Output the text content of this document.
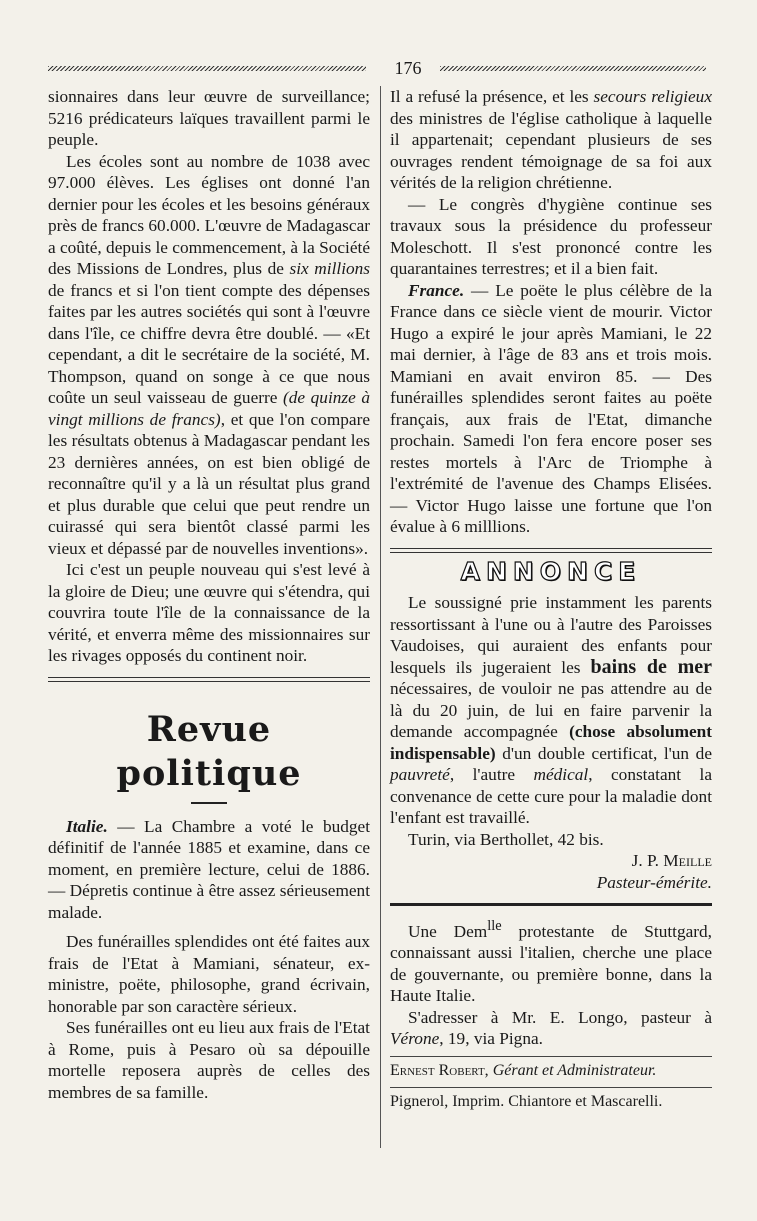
176

sionnaires dans leur œuvre de surveillance; 5216 prédicateurs laïques travaillent parmi le peuple.

Les écoles sont au nombre de 1038 avec 97.000 élèves. Les églises ont donné l'an dernier pour les écoles et les besoins généraux près de francs 60.000. L'œuvre de Madagascar a coûté, depuis le commencement, à la Société des Missions de Londres, plus de six millions de francs et si l'on tient compte des dépenses faites par les autres sociétés qui sont à l'œuvre dans l'île, ce chiffre devra être doublé. — «Et cependant, a dit le secrétaire de la société, M. Thompson, quand on songe à ce que nous coûte un seul vaisseau de guerre (de quinze à vingt millions de francs), et que l'on compare les résultats obtenus à Madagascar pendant les 23 dernières années, on est bien obligé de reconnaître qu'il y a là un résultat plus grand et plus durable que celui que peut rendre un cuirassé qui sera bientôt classé parmi les vieux et dépassé par de nouvelles inventions».

Ici c'est un peuple nouveau qui s'est levé à la gloire de Dieu; une œuvre qui s'étendra, qui couvrira toute l'île de la connaissance de la vérité, et enverra même des missionnaires sur les rivages opposés du continent noir.

Revue politique

Italie. — La Chambre a voté le budget définitif de l'année 1885 et examine, dans ce moment, en première lecture, celui de 1886. — Dépretis continue à être assez sérieusement malade.

Des funérailles splendides ont été faites aux frais de l'Etat à Mamiani, sénateur, ex-ministre, poëte, philosophe, grand écrivain, honorable par son caractère sérieux.

Ses funérailles ont eu lieu aux frais de l'Etat à Rome, puis à Pesaro où sa dépouille mortelle reposera auprès de celles des membres de sa famille.

Il a refusé la présence, et les secours religieux des ministres de l'église catholique à laquelle il appartenait; cependant plusieurs de ses ouvrages rendent témoignage de sa foi aux vérités de la religion chrétienne.

— Le congrès d'hygiène continue ses travaux sous la présidence du professeur Moleschott. Il s'est prononcé contre les quarantaines terrestres; et il a bien fait.

France. — Le poëte le plus célèbre de la France dans ce siècle vient de mourir. Victor Hugo a expiré le jour après Mamiani, le 22 mai dernier, à l'âge de 83 ans et trois mois. Mamiani en avait environ 85. — Des funérailles splendides seront faites au poëte français, aux frais de l'Etat, dimanche prochain. Samedi l'on fera encore poser ses restes mortels à l'Arc de Triomphe à l'extrémité de l'avenue des Champs Elisées. — Victor Hugo laisse une fortune que l'on évalue à 6 milllions.

ANNONCE

Le soussigné prie instamment les parents ressortissant à l'une ou à l'autre des Paroisses Vaudoises, qui auraient des enfants pour lesquels ils jugeraient les bains de mer nécessaires, de vouloir ne pas attendre au de là du 20 juin, de lui en faire parvenir la demande accompagnée (chose absolument indispensable) d'un double certificat, l'un de pauvreté, l'autre médical, constatant la convenance de cette cure pour la maladie dont l'enfant est travaillé.

Turin, via Berthollet, 42 bis.

J. P. Meille

Pasteur-émérite.

Une Dem$^{lle}$ protestante de Stuttgard, connaissant aussi l'italien, cherche une place de gouvernante, ou première bonne, dans la Haute Italie.

S'adresser à Mr. E. Longo, pasteur à Vérone, 19, via Pigna.

Ernest Robert, Gérant et Administrateur.
Pignerol, Imprim. Chiantore et Mascarelli.
